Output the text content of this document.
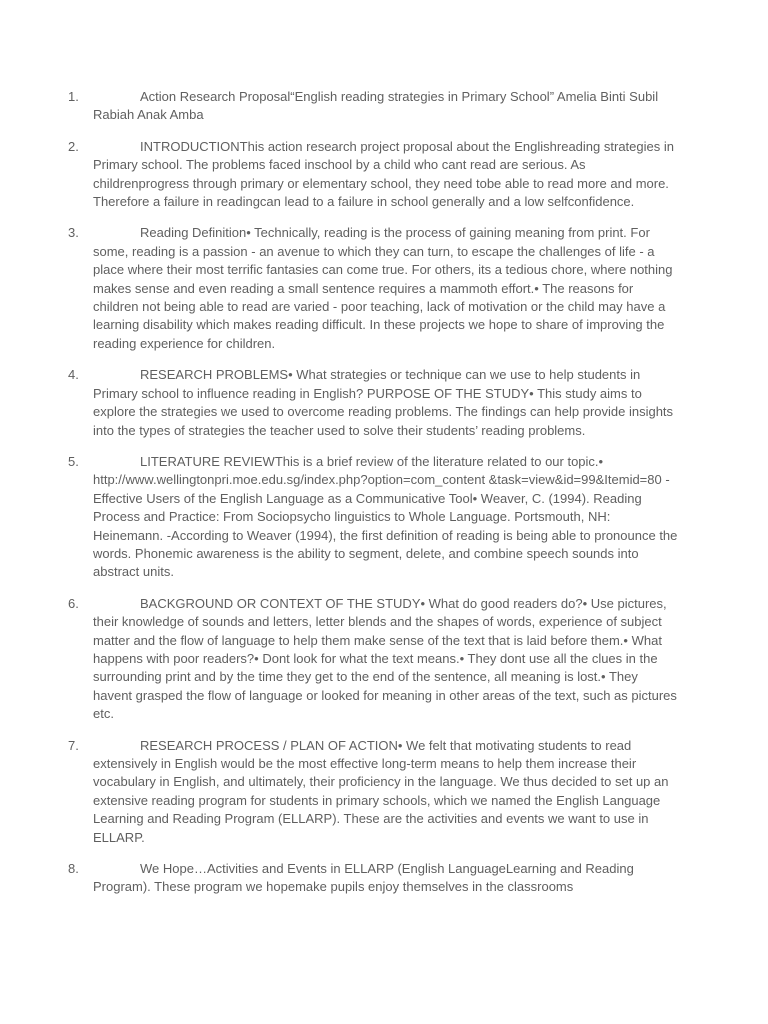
1.	Action Research Proposal“English reading strategies in Primary School” Amelia Binti Subil Rabiah Anak Amba

2.	INTRODUCTIONThis action research project proposal about the Englishreading strategies in Primary school. The problems faced inschool by a child who cant read are serious. As childrenprogress through primary or elementary school, they need tobe able to read more and more. Therefore a failure in readingcan lead to a failure in school generally and a low selfconfidence.

3.	Reading Definition• Technically, reading is the process of gaining meaning from print. For some, reading is a passion - an avenue to which they can turn, to escape the challenges of life - a place where their most terrific fantasies can come true. For others, its a tedious chore, where nothing makes sense and even reading a small sentence requires a mammoth effort.• The reasons for children not being able to read are varied - poor teaching, lack of motivation or the child may have a learning disability which makes reading difficult. In these projects we hope to share of improving the reading experience for children.

4.	RESEARCH PROBLEMS• What strategies or technique can we use to help students in Primary school to influence reading in English? PURPOSE OF THE STUDY• This study aims to explore the strategies we used to overcome reading problems. The findings can help provide insights into the types of strategies the teacher used to solve their students’ reading problems.

5.	LITERATURE REVIEWThis is a brief review of the literature related to our topic.• http://www.wellingtonpri.moe.edu.sg/index.php?option=com_content &task=view&id=99&Itemid=80 -Effective Users of the English Language as a Communicative Tool• Weaver, C. (1994). Reading Process and Practice: From Sociopsycho linguistics to Whole Language. Portsmouth, NH: Heinemann. -According to Weaver (1994), the first definition of reading is being able to pronounce the words. Phonemic awareness is the ability to segment, delete, and combine speech sounds into abstract units.

6.	BACKGROUND OR CONTEXT OF THE STUDY• What do good readers do?• Use pictures, their knowledge of sounds and letters, letter blends and the shapes of words, experience of subject matter and the flow of language to help them make sense of the text that is laid before them.• What happens with poor readers?• Dont look for what the text means.• They dont use all the clues in the surrounding print and by the time they get to the end of the sentence, all meaning is lost.• They havent grasped the flow of language or looked for meaning in other areas of the text, such as pictures etc.

7.	RESEARCH PROCESS / PLAN OF ACTION• We felt that motivating students to read extensively in English would be the most effective long-term means to help them increase their vocabulary in English, and ultimately, their proficiency in the language. We thus decided to set up an extensive reading program for students in primary schools, which we named the English Language Learning and Reading Program (ELLARP). These are the activities and events we want to use in ELLARP.

8.	We Hope…Activities and Events in ELLARP (English LanguageLearning and Reading Program). These program we hopemake pupils enjoy themselves in the classrooms
